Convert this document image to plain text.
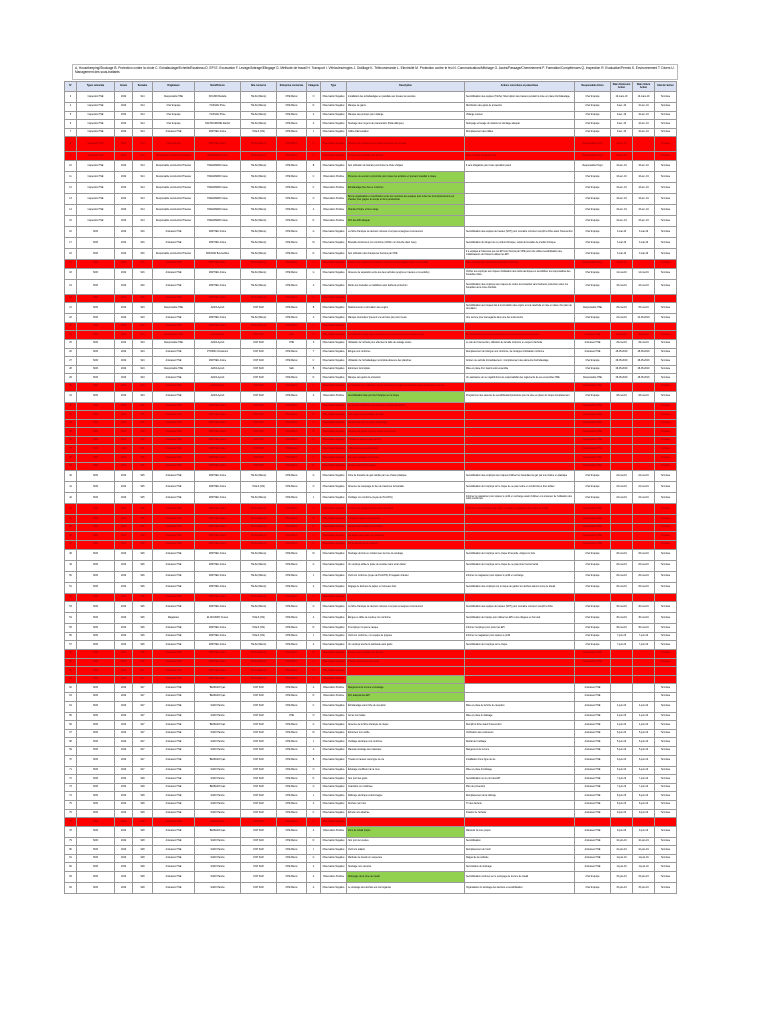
A. Housekeeping/Stockage B. Protection contre la chute C. Echafaudage/Echelle/Escabeau D. EPI E. Excavation F. Levage/Arbrage/Elingage G. Méthode de travail H. Transport I. Véhicules/engins J. Outillage K. Télécommande L. Electricité M. Protection contre le feu N. Communication/Affichage O. Accès/Passage/Cheminement P. Formation/Compétences Q. Inspection R. Evaluation/Permis S. Environnement T. Divers U. Management des sous-traitants
N°	Types remontée	Année	Semaine	Originateur	Nom/Prénom	Site concerné	Entreprise concernée	Catégorie	Type	Description	Actions correctives et préventives	Responsable Action	Date d'émission Action	Date cloture Action	Etat de l'action
3	Inspection HSE	2019	S14	Responsable HSE	SOUABI Mustafa	TALSA (Maroc)	OHE Maroc	O	Observation Négative	Installation des échafaudages en parallèle aux travaux de soudure	Sensibilisation des équipes (Tâche) l'interruption des travaux pendant la mise en place d'échafaudage	Chef d'équipe	10-mars-19	10-mars-19	Terminée
4	Inspection HSE	2019	S14	Chef d'équipe	HASSAN P'tele	TALSA (Maroc)	OHE Maroc	D	Observation Négative	Manque de gants	Distribution des gants de protection	Chef d'équipe	9-avr.-19	10-avr.-19	Terminée
5	Inspection HSE	2019	S14	Chef d'équipe	HASSAN P'tele	TALSA (Maroc)	OHE Maroc	A	Observation Négative	Manque des pompes pour vidange	Vidange manuel	Chef d'équipe	9-avr.-19	10-avr.-19	Terminée
6	Inspection HSE	2019	S14	Chef d'équipe	NAKHOURDINE Rachid	TALSA (Maroc)	OHE Maroc	A	Observation Négative	Stockage des moyens de manutention (Palan-Elingue)	Nettoyage et lavage du matériel et stockage adéquat	Chef d'équipe	9-avr.-19	10-avr.-19	Terminée
7	Inspection HSE	2019	S14	Animateur HSE	MATHIEU Amine	TAALS (OS)	OHE Maroc	J	Observation Négative	Câble d'alimentation	Remplacement des câbles	Chef d'équipe	9-avr.-19	10-avr.-19	Terminée
8	Inspection HSE	2019	S14	Chef d'équipe	MATHIEU Amine	TALSA (Maroc)	OHE Maroc	O	Observation Négative	Absence de protection de la partie supérieure de l'échelle		Responsable Projet	15-avr.-19		Terminée
9	Inspection HSE	2019	S14	Responsable construction/Travaux	HAMAMMAD Imane	TALSA (Maroc)	OHE Maroc	O	Observation Négative	Absence de protection des trémies	Mise en place de garde corps	Responsable Projet	15-avr.-19		Terminée
10	Inspection HSE	2019	S14	Responsable construction/Travaux	HAMAMMAD Imane	TALSA (Maroc)	OHE Maroc	B	Observation Négative	Non utilisation de harnais pour limiter la chute d'objets	Il sera obligatoire pour toute opération pareil	Responsable Projet	16-avr.-19	16-avr.-19	Terminée
11	Inspection HSE	2019	S14	Responsable construction/Travaux	HAMAMMAD Imane	TALSA (Maroc)	OHE Maroc	C	Observation Positive	Présence de secours à proximité pour toutes les activités en pouvant travailler à risque		Chef d'équipe	16-avr.-19	16-avr.-19	Terminée
12	Inspection HSE	2019	S14	Responsable construction/Travaux	HAMAMMAD Imane	TALSA (Maroc)	OHE Maroc	C	Observation Positive	Echafaudage bien fixé et conforme		Chef d'équipe	16-avr.-19	16-avr.-19	Terminée
13	Inspection HSE	2019	S14	Responsable construction/Travaux	HAMAMMAD Imane	TALSA (Maroc)	OHE Maroc	O	Observation Positive	Bonne organisation et coordination entre les membres des équipes pour éviter les incompréhensions sur chantier pour gagner du temps et de la productivité		Chef d'équipe	16-avr.-19	16-avr.-19	Terminée
14	Inspection HSE	2019	S14	Responsable construction/Travaux	HAMAMMAD Imane	TALSA (Maroc)	OHE Maroc	A	Observation Positive	Chantier Propre et bien rangé		Chef d'équipe	16-avr.-19	16-avr.-19	Terminée
15	Inspection HSE	2019	S14	Responsable construction/Travaux	HAMAMMAD Imane	TALSA (Maroc)	OHE Maroc	D	Observation Positive	Port des EPI adéquat		Chef d'équipe	16-avr.-19	16-avr.-19	Terminée
16	SOR	2019	S16	Animateur HSE	MATHIEU Amine	TALSA (Maroc)	OHE Maroc	G	Observation Négative	La fiche d'analyse de derniers minutes n'est pas renseignée correctement	Sensibilisation des équipes de travaux (SOT) pour connaitre comment remplir la fiche avant l'intervention	Chef d'équipe	3-mai-19	3-mai-19	Terminée
17	SOR	2019	S16	Animateur HSE	MATHIEU Amine	TALSA (Maroc)	OHE Maroc	M	Observation Négative	Bouteille d'extincteur non conforme (chiffon non bouché dans l'eau)	Sensibilisation du danger de ce produit chimique, retrait de bouteille de produit chimique	Chef d'équipe	3-mai-19	3-mai-19	Terminée
18	SOR	2019	S16	Responsable construction/Travaux	MOURAD Boursefdine	TALSA (Maroc)	OHE Maroc	D	Observation Négative	Non utilisation des chaussures fournies par OHE	Il a expliqué à l'intéressé que les EPI sont fournis par OHE pour être utiliser sensibilisation des collaborateurs de l'intérêt à utiliser les EPI	Chef d'équipe	3-mai-19	3-mai-19	Terminée
17	SOR	2019	S16	Animateur HSE	MATHIEU Amine	TALSA (Maroc)	OHE Maroc	O	Observation Négative	Absence de système de protection contre les chutes (garde-corps non installé)	Mise en place d'un système de protection collective	Responsable Projet	3-mai-19		Terminée
18	SOR	2019	S16	Animateur HSE	MATHIEU Amine	TALSA (Maroc)	OHE Maroc	G	Observation Négative	Absence de séparation entre les deux activités (engins en travaux et co-activité)	Vérifier les employés aux risques d'utilisation des outils électriques et sensibiliser les responsables des bouteilles vides	Chef d'équipe	14-mai-19	14-mai-19	Terminée
19	SOR	2019	S20	Animateur HSE	MATHIEU Amine	TALSA (Maroc)	OHE Maroc	A	Observation Négative	Mettre les bouteilles en stabilisés sans barbecle protection	Sensibilisation des employés aux risques de mettre les bouteilles sans barbecle protection retirer les bouteilles de la zone d'activité	Chef d'équipe	16-mai-19	16-mai-19	Terminée
20	SOR	2019	S20	Animateur HSE	MATHIEU Amine	TALSA (Maroc)	OHE Maroc	A	Observation Négative						
21	SOR	2019	S23	Responsable HSE	AZAIA Ayoub	OCP SAFI	OHE Maroc	B	Observation Négative	Stationnement et circulation des engins	Sensibilisation aux risques liés à la circulation des engins et à la coactivité et mise en place d'un plan de circulation	Responsable HSE	25-mai-19	25-mai-19	Terminée
22	SOR	2019	S23	Animateur HSE	MATHIEU Amine	TALSA (Maroc)	OHE Maroc	A	Observation Négative	Manque d'entretien/ prévenir une armoire par prom rieuse	Une serrure pour sauvegarde dans une des instruments	Chef d'équipe	22-mai-19	22-05-2019	Terminée
23	SOR	2019	S23	Animateur HSE	MATHIEU Amine	TALSA (Maroc)	OHE Maroc	A	Observation Négative						
24	SOR	2019	S24	Responsable HSE	AZAIA Ayoub	OCP SAFI	Sabi	S	Observation Négative	Sensibilisation toute des jours avant le commencement des travaux de jour	Sensibilisation de toutes les personnes pour l'environnement de chantier	Animateur HSE	26-mai-19	26-mai-19	Terminée
25	SOR	2019	S24	Responsable HSE	AZAIA Ayoub	OCP SAFI	OHE	S	Observation Négative	Utilisation de l'échelle pour effectuer la taille de vainage toutes	Le site de l'intervention, utilisation de la taille minimum en respect d'échelle	Animateur HSE	29-mai-19	29-mai-19	Terminée
26	SOR	2019	S24	Animateur HSE	PYRIMU Chorantoni	OCP SAFI	OHE Maroc	T	Observation Négative	Elingue non conforme	Remplacement de l'élingue non conforme, de consigne d'utilisation conforme	Animateur HSE	28-05-2019	28-05-2019	Terminée
27	SOR	2019	S24	Animateur HSE	MATHIEU Amine	OCP SAFI	OHE Maroc	C	Observation Négative	Utilisation de l'échafaudage incomplète absence des planches	Arrêter une activité immédiatement - Complètement des éléments d'échafaudage	Chef d'équipe	28-05-2019	28-05-2019	Terminée
28	SOR	2019	S24	Responsable HSE	AZAIA Ayoub	OCP SAFI	Sabi	B	Observation Négative	Extincteur incomplète	Mise en place d'un Garcis suivi ensemble	Chef d'équipe	28-05-2019	28-05-2019	Terminée
29	SOR	2019	S24	Animateur HSE	AZAIA Ayoub	OCP SAFI	OHE Maroc	D	Observation Négative	Manque des gants de protection	Un assistance de ne négatifs lions de responsabilité des règlements de ces ensembles HSE	Responsable HSE	28-05-2019	28-05-2019	Terminée
30	SOR	2019	S24	Animateur HSE	AZAIA Ayoub	OCP SAFI	OHE Maroc	A	Observation Négative	Le stockage des matériaux n'a pas respecté les règles de l'environnement de la zone en accès		Responsable HSE			Terminée
31	SOR	2019	S24	Animateur HSE	AZAIA Ayoub	OCP SAFI	OHE Maroc	A	Observation Positive	Sensibilisation faite par chef d'équipe sur le risque	Programmer des séances de sensibilisation/procédure pour la mise en place du risque d'empiètement	Chef d'équipe	28-mai-19	28-mai-19	Terminée
32	SOR	2019	S25	Animateur HSE	MATHIEU Amine	OCP SAFI	OHE Maroc	A	Observation Négative	Accès non contrôlé sur les zones de contrôle des PMOS		Responsable HSE			Terminée
33	SOR	2019	S25	Animateur HSE	MATHIEU Amine	OCP SAFI	OHE Maroc	D	Observation Négative	Non-respect de l'utilisation des EPI		Responsable HSE			Terminée
34	SOR	2019	S25	Animateur HSE	MATHIEU Amine	OCP SAFI	OHE Maroc	A	Observation Négative	Absence de mise en place du balisage		Responsable HSE			Terminée
35	SOR	2019	S25	Animateur HSE	MATHIEU Amine	OCP SAFI	OHE Maroc	B	Observation Négative	Absence de garde-corps au niveau de la trémie		Responsable HSE			Terminée
36	SOR	2019	S25	Animateur HSE	MATHIEU Amine	OCP SAFI	OHE Maroc	G	Observation Négative	Travaux en hauteur sans permis		Responsable HSE			Terminée
37	SOR	2019	S25	Animateur HSE	MATHIEU Amine	OCP SAFI	OHE Maroc	L	Observation Négative	Câble électrique endommagé		Responsable HSE			Terminée
38	SOR	2019	S25	Animateur HSE	MATHIEU Amine	OCP SAFI	OHE Maroc	A	Observation Négative	Zone de stockage encombrée		Responsable HSE			Terminée
39	SOR	2019	S25	Animateur HSE	MATHIEU Amine	OCP SAFI	OHE Maroc	D	Observation Négative	Absence de port du casque		Responsable HSE			Terminée
40	SOR	2019	S25	Animateur HSE	MATHIEU Amine	TALSA (Maroc)	OHE Maroc	G	Observation Négative	Fuite de bouteille de gaz soluble par une chaine plastique	Sensibilisation des employés aux risques d'utiliser les bouteilles de gaz par une chaine en plastique	Chef d'équipe	22-mai-19	22-mai-19	Terminée
41	SOR	2019	S25	Animateur HSE	MATHIEU Amine	TAALS (OS)	OHE Maroc	O	Observation Négative	Absence de marquage du lieu de travail sur la bouteille	Sensibilisation de l'employé sur le risque de ne pas mettre en conformité et bien utiliser	Chef d'équipe	22-mai-19	22-mai-19	Terminée
42	SOR	2019	S25	Animateur HSE	MATHIEU Amine	TALSA (Maroc)	OHE Maroc	J	Observation Négative	Outillage non conforme (tuyau de PLACHA)	Informer le magasinier pour réparer le profil en rechange avant d'utiliser et à s'assurer de l'utilisation des outils conformes	Chef d'équipe	22-mai-19	22-mai-19	Terminée
43	SOR	2019	S25	Animateur HSE	MATHIEU Amine	TALSA (Maroc)	OHE Maroc	A	Observation Négative	Absence de rangement de la zone de travail	Informer le chef d'équipe pour mettre en place le rangement de la zone de travail	Responsable HSE			Terminée
44	SOR	2019	S25	Animateur HSE	MATHIEU Amine	TALSA (Maroc)	OHE Maroc	B	Observation Négative	Travail en hauteur sans harnais		Responsable HSE			Terminée
45	SOR	2019	S25	Animateur HSE	MATHIEU Amine	TALSA (Maroc)	OHE Maroc	D	Observation Négative	Absence de lunettes de protection		Responsable HSE			Terminée
46	SOR	2019	S25	Animateur HSE	MATHIEU Amine	TALSA (Maroc)	OHE Maroc	J	Observation Négative	Meuleuse sans carter de protection		Responsable HSE			Terminée
47	SOR	2019	S25	Animateur HSE	MATHIEU Amine	TALSA (Maroc)	OHE Maroc	O	Observation Négative	Accès bloqué par du matériel		Responsable HSE			Terminée
48	SOR	2019	S26	Animateur HSE	MATHIEU Amine	TALSA (Maroc)	OHE Maroc	M	Observation Négative	Stockage du bois en contact avec la zone de soudage	Sensibilisation de l'employé sur le risque d'incendie, éloigner le bois	Chef d'équipe	26-mai-19	26-mai-19	Terminée
49	SOR	2019	S26	Animateur HSE	MATHIEU Amine	TALSA (Maroc)	OHE Maroc	G	Observation Négative	Un employé utilise le poste de soudure sans écran facial	Sensibilisation de l'employé sur le risque de ne pas porter l'écran facial	Chef d'équipe	26-mai-19	26-mai-19	Terminée
50	SOR	2019	S26	Animateur HSE	MATHIEU Amine	TALSA (Maroc)	OHE Maroc	J	Observation Négative	Outil non conforme (tuyau de PLACHA) fil magasin chantier	Informer le magasinier pour réparer le profil en rechange	Chef d'équipe	26-mai-19	26-mai-19	Terminée
51	SOR	2019	S26	Animateur HSE	MATHIEU Amine	TALSA (Maroc)	OHE Maroc	A	Observation Négative	Dégagé de déchets de papier et morceaux bois	Sensibilisation des employés sur le risque de garder les déchets dans la zone de travail	Chef d'équipe	26-mai-19	26-mai-19	Terminée
52	SOR	2019	S26	Animateur HSE	MATHIEU Amine	TALSA (Maroc)	OHE Maroc	O	Observation Négative						
53	SOR	2019	S26	Animateur HSE	MATHIEU Amine	TALSA (Maroc)	OHE Maroc	G	Observation Négative	La fiche d'analyse de derniers minutes n'est pas renseignée correctement	Sensibilisation des équipes de travaux (SOT) pour connaitre comment remplir la fiche	Chef d'équipe	30-mai-19	30-mai-19	Terminée
54	SOR	2019	S26	Magasinier	EL MOUMNI Younes	TAALS (OS)	OHE Maroc	A	Observation Négative	Élingue et câble de soulève non conforme	Sensibilisation de l'équipe pour utiliser les EPI et les élingues en bon état	Chef d'équipe	30-mai-19	30-mai-19	Terminée
55	SOR	2019	S26	Animateur HSE	MATHIEU Amine	TAALS (OS)	OHE Maroc	D	Observation Négative	Fil employé n'a pas le casque	Informer l'employé pour porter les EPI	Chef d'équipe	30-mai-19	30-mai-19	Terminée
56	SOR	2019	S26	Animateur HSE	MATHIEU Amine	TAALS (OS)	OHE Maroc	J	Observation Négative	Outil non conforme, non équipé de poignée	Informer le magasinier pour réparer le profil	Chef d'équipe	7-juin-19	7-juin-19	Terminée
57	SOR	2019	S26	Animateur HSE	MATHIEU Amine	TALSA (Maroc)	OHE Maroc	A	Observation Négative	Un employé touche la rambarde sans gants	Sensibilisation de l'employé sur le risque	Chef d'équipe	7-juin-19	7-juin-19	Terminée
58	SOR	2019	S26	Animateur HSE	MATHIEU Amine	TALSA (Maroc)	OHE Maroc	B	Observation Négative	Absence de protection des trémies		Responsable HSE			Terminée
59	SOR	2019	S26	Animateur HSE	MATHIEU Amine	TALSA (Maroc)	OHE Maroc	G	Observation Négative	Travaux sans permis de travail		Responsable HSE			Terminée
60	SOR	2019	S27	Animateur HSE	MATHIEU Amine	TALSA (Maroc)	OHE Maroc	O	Observation Négative						
61	SOR	2019	S27	Animateur HSE	MATHIEU Amine	TALSA (Maroc)	OHE Maroc	A	Observation Positive						
62	SOR	2019	S27	Animateur HSE	BENNANI Ilyas	OCP SAFI	OHE Maroc	A	Observation Positive	Rangement de la zone et stockage		Animateur HSE			Terminée
63	SOR	2019	S27	Animateur HSE	BENNANI Ilyas	OCP SAFI	OHE Maroc	D	Observation Positive	Port adéquat des EPI		Animateur HSE			Terminée
64	SOR	2019	S27	Animateur HSE	SAIDI Hamza	OCP SAFI	OHE Maroc	C	Observation Négative	Échafaudage sans fiche de réception	Mise en place de la fiche de réception	Animateur HSE	4-juin-19	4-juin-19	Terminée
65	SOR	2019	S27	Animateur HSE	SAIDI Hamza	OCP SAFI	OHE	O	Observation Négative	Accès non balisé	Mise en place du balisage	Animateur HSE	4-juin-19	4-juin-19	Terminée
66	SOR	2019	S27	Animateur HSE	BENNANI Ilyas	OCP SAFI	OHE Maroc	G	Observation Négative	Absence de la fiche d'analyse de risque	Remplir la fiche avant l'intervention	Animateur HSE	4-juin-19	4-juin-19	Terminée
67	SOR	2019	S27	Animateur HSE	SAIDI Hamza	OCP SAFI	OHE Maroc	M	Observation Négative	Extincteur non vérifié	Vérification des extincteurs	Animateur HSE	5-juin-19	5-juin-19	Terminée
68	SOR	2019	S27	Animateur HSE	SAIDI Hamza	OCP SAFI	OHE Maroc	J	Observation Négative	Outillage électrique non conforme	Retrait de l'outillage	Animateur HSE	5-juin-19	5-juin-19	Terminée
69	SOR	2019	S27	Animateur HSE	SAIDI Hamza	OCP SAFI	OHE Maroc	A	Observation Négative	Mauvais stockage des matériaux	Rangement de la zone	Animateur HSE	5-juin-19	5-juin-19	Terminée
70	SOR	2019	S27	Animateur HSE	BENNANI Ilyas	OCP SAFI	OHE Maroc	B	Observation Négative	Travail en hauteur sans ligne de vie	Installation d'une ligne de vie	Animateur HSE	6-juin-19	6-juin-19	Terminée
71	SOR	2019	S27	Animateur HSE	SAIDI Hamza	OCP SAFI	OHE Maroc	O	Observation Négative	Éclairage insuffisant de la zone	Mise en place d'éclairage	Animateur HSE	6-juin-19	6-juin-19	Terminée
72	SOR	2019	S28	Animateur HSE	SAIDI Hamza	OCP SAFI	OHE Maroc	D	Observation Négative	Non port des gants	Sensibilisation sur le port des EPI	Animateur HSE	7-juin-19	7-juin-19	Terminée
73	SOR	2019	S28	Animateur HSE	BENNANI Ilyas	OCP SAFI	OHE Maroc	G	Observation Négative	Coactivité non maîtrisée	Plan de prévention	Animateur HSE	7-juin-19	7-juin-19	Terminée
74	SOR	2019	S28	Animateur HSE	SAIDI Hamza	OCP SAFI	OHE Maroc	L	Observation Négative	Rallonge électrique endommagée	Remplacement de la rallonge	Animateur HSE	8-juin-19	8-juin-19	Terminée
75	SOR	2019	S28	Animateur HSE	SAIDI Hamza	OCP SAFI	OHE Maroc	A	Observation Négative	Déchets non triés	Tri des déchets	Animateur HSE	8-juin-19	8-juin-19	Terminée
76	SOR	2019	S28	Animateur HSE	SAIDI Hamza	OCP SAFI	OHE Maroc	C	Observation Négative	Échelle non attachée	Fixation de l'échelle	Animateur HSE	9-juin-19	9-juin-19	Terminée
77	SOR	2019	S28	Animateur HSE	SAIDI Hamza	OCP SAFI	OHE Maroc	O	Observation Négative						
78	SOR	2019	S28	Animateur HSE	BENNANI Ilyas	OCP SAFI	OHE Maroc	A	Observation Positive	Zone de travail propre	Maintenir la zone propre	Animateur HSE	9-juin-19	9-juin-19	Terminée
79	SOR	2019	S28	Animateur HSE	SAIDI Hamza	OCP SAFI	OHE Maroc	D	Observation Négative	Non port de lunettes	Sensibilisation	Animateur HSE	10-juin-19	10-juin-19	Terminée
80	SOR	2019	S28	Animateur HSE	SAIDI Hamza	OCP SAFI	OHE Maroc	J	Observation Négative	Outil non adapté	Remplacement de l'outil	Animateur HSE	10-juin-19	10-juin-19	Terminée
81	SOR	2019	S28	Animateur HSE	SAIDI Hamza	OCP SAFI	OHE Maroc	G	Observation Négative	Méthode de travail non respectée	Rappel de la méthode	Animateur HSE	11-juin-19	11-juin-19	Terminée
82	SOR	2019	S28	Animateur HSE	SAIDI Hamza	OCP SAFI	OHE Maroc	A	Observation Négative	Stockage non sécurisé	Sécurisation du stockage	Animateur HSE	11-juin-19	11-juin-19	Terminée
83	SOR	2019	S28	Animateur HSE	SAIDI Hamza	OCP SAFI	OHE Maroc	A	Observation Positive	Nettoyage de la zone de travail	Sensibilisation continue sur le nettoyage de la zone de travail	Chef d'équipe	15-juin-19	15-juin-19	Terminée
84	SOR	2019	S28	Animateur HSE	SAIDI Hamza	OCP SAFI	OHE Maroc	A	Observation Négative	Le stockage des déchets est mal organisé	Organisation du stockage des déchets et sensibilisation	Chef d'équipe	15-juin-19	15-juin-19	Terminée
